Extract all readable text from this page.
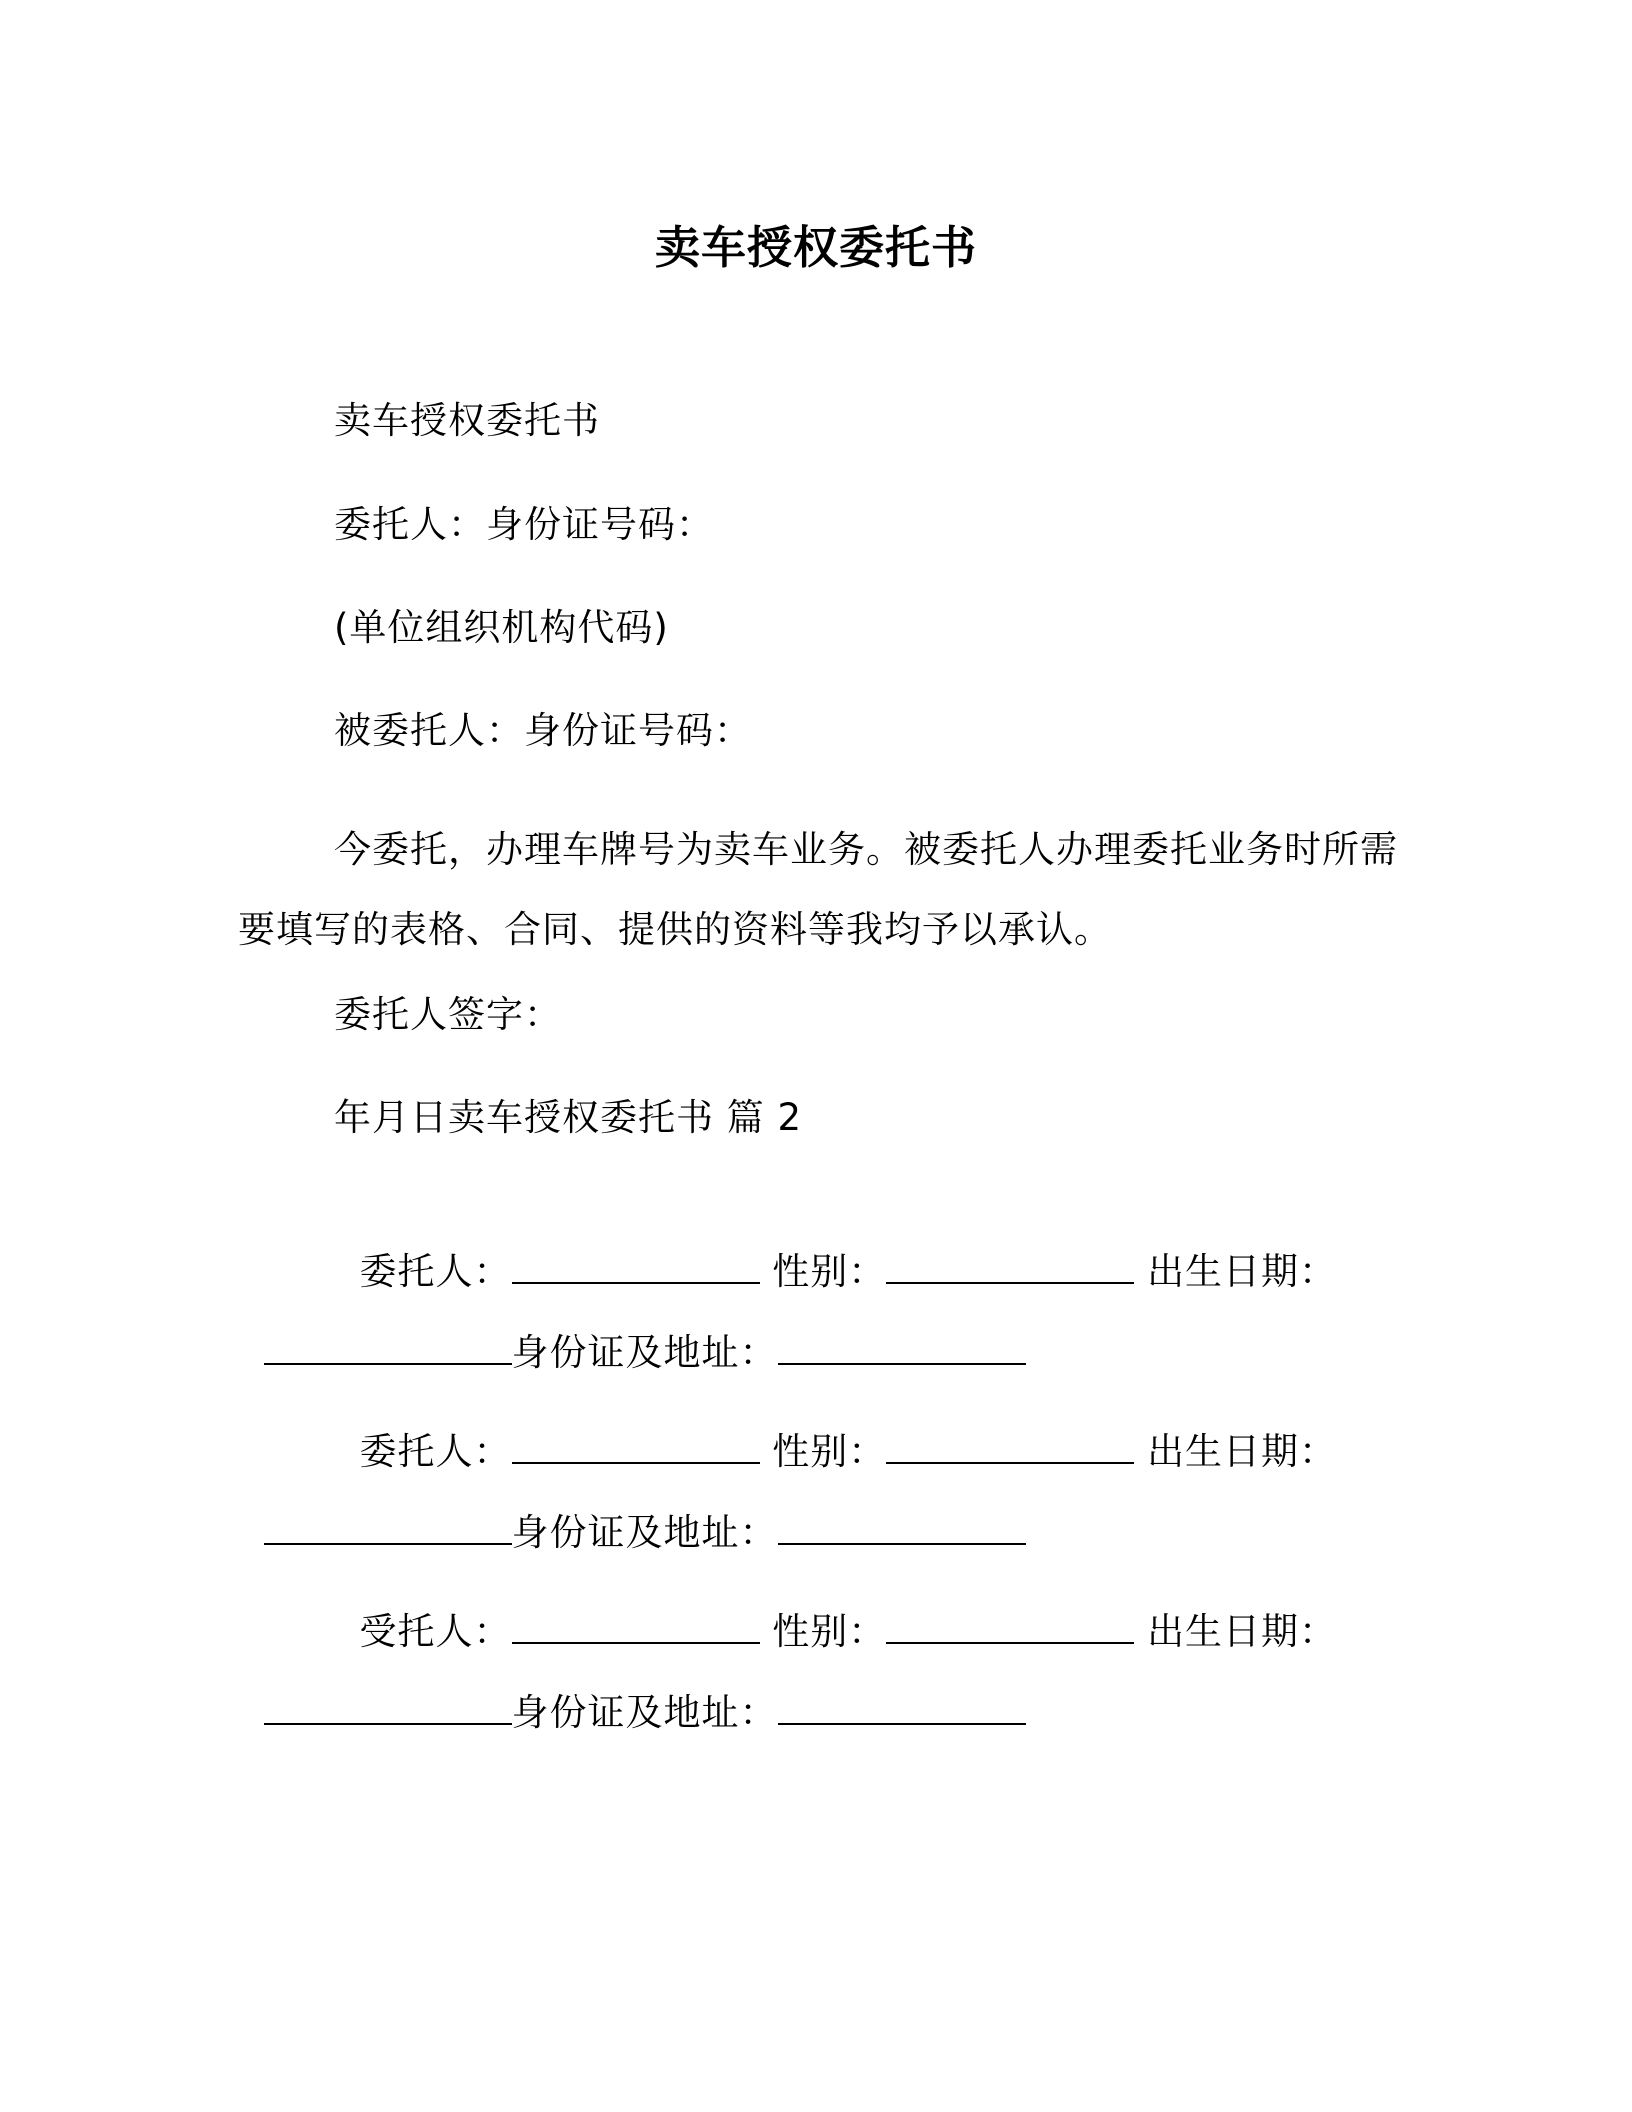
卖车授权委托书
卖车授权委托书
委托人：身份证号码：
(单位组织机构代码)
被委托人：身份证号码：
今委托，办理车牌号为卖车业务。被委托人办理委托业务时所需要填写的表格、合同、提供的资料等我均予以承认。
委托人签字：
年月日卖车授权委托书 篇 2

委托人：	性别：	出生日期：

身份证及地址：

委托人：	性别：	出生日期：

身份证及地址：

受托人：	性别：	出生日期：

身份证及地址：
